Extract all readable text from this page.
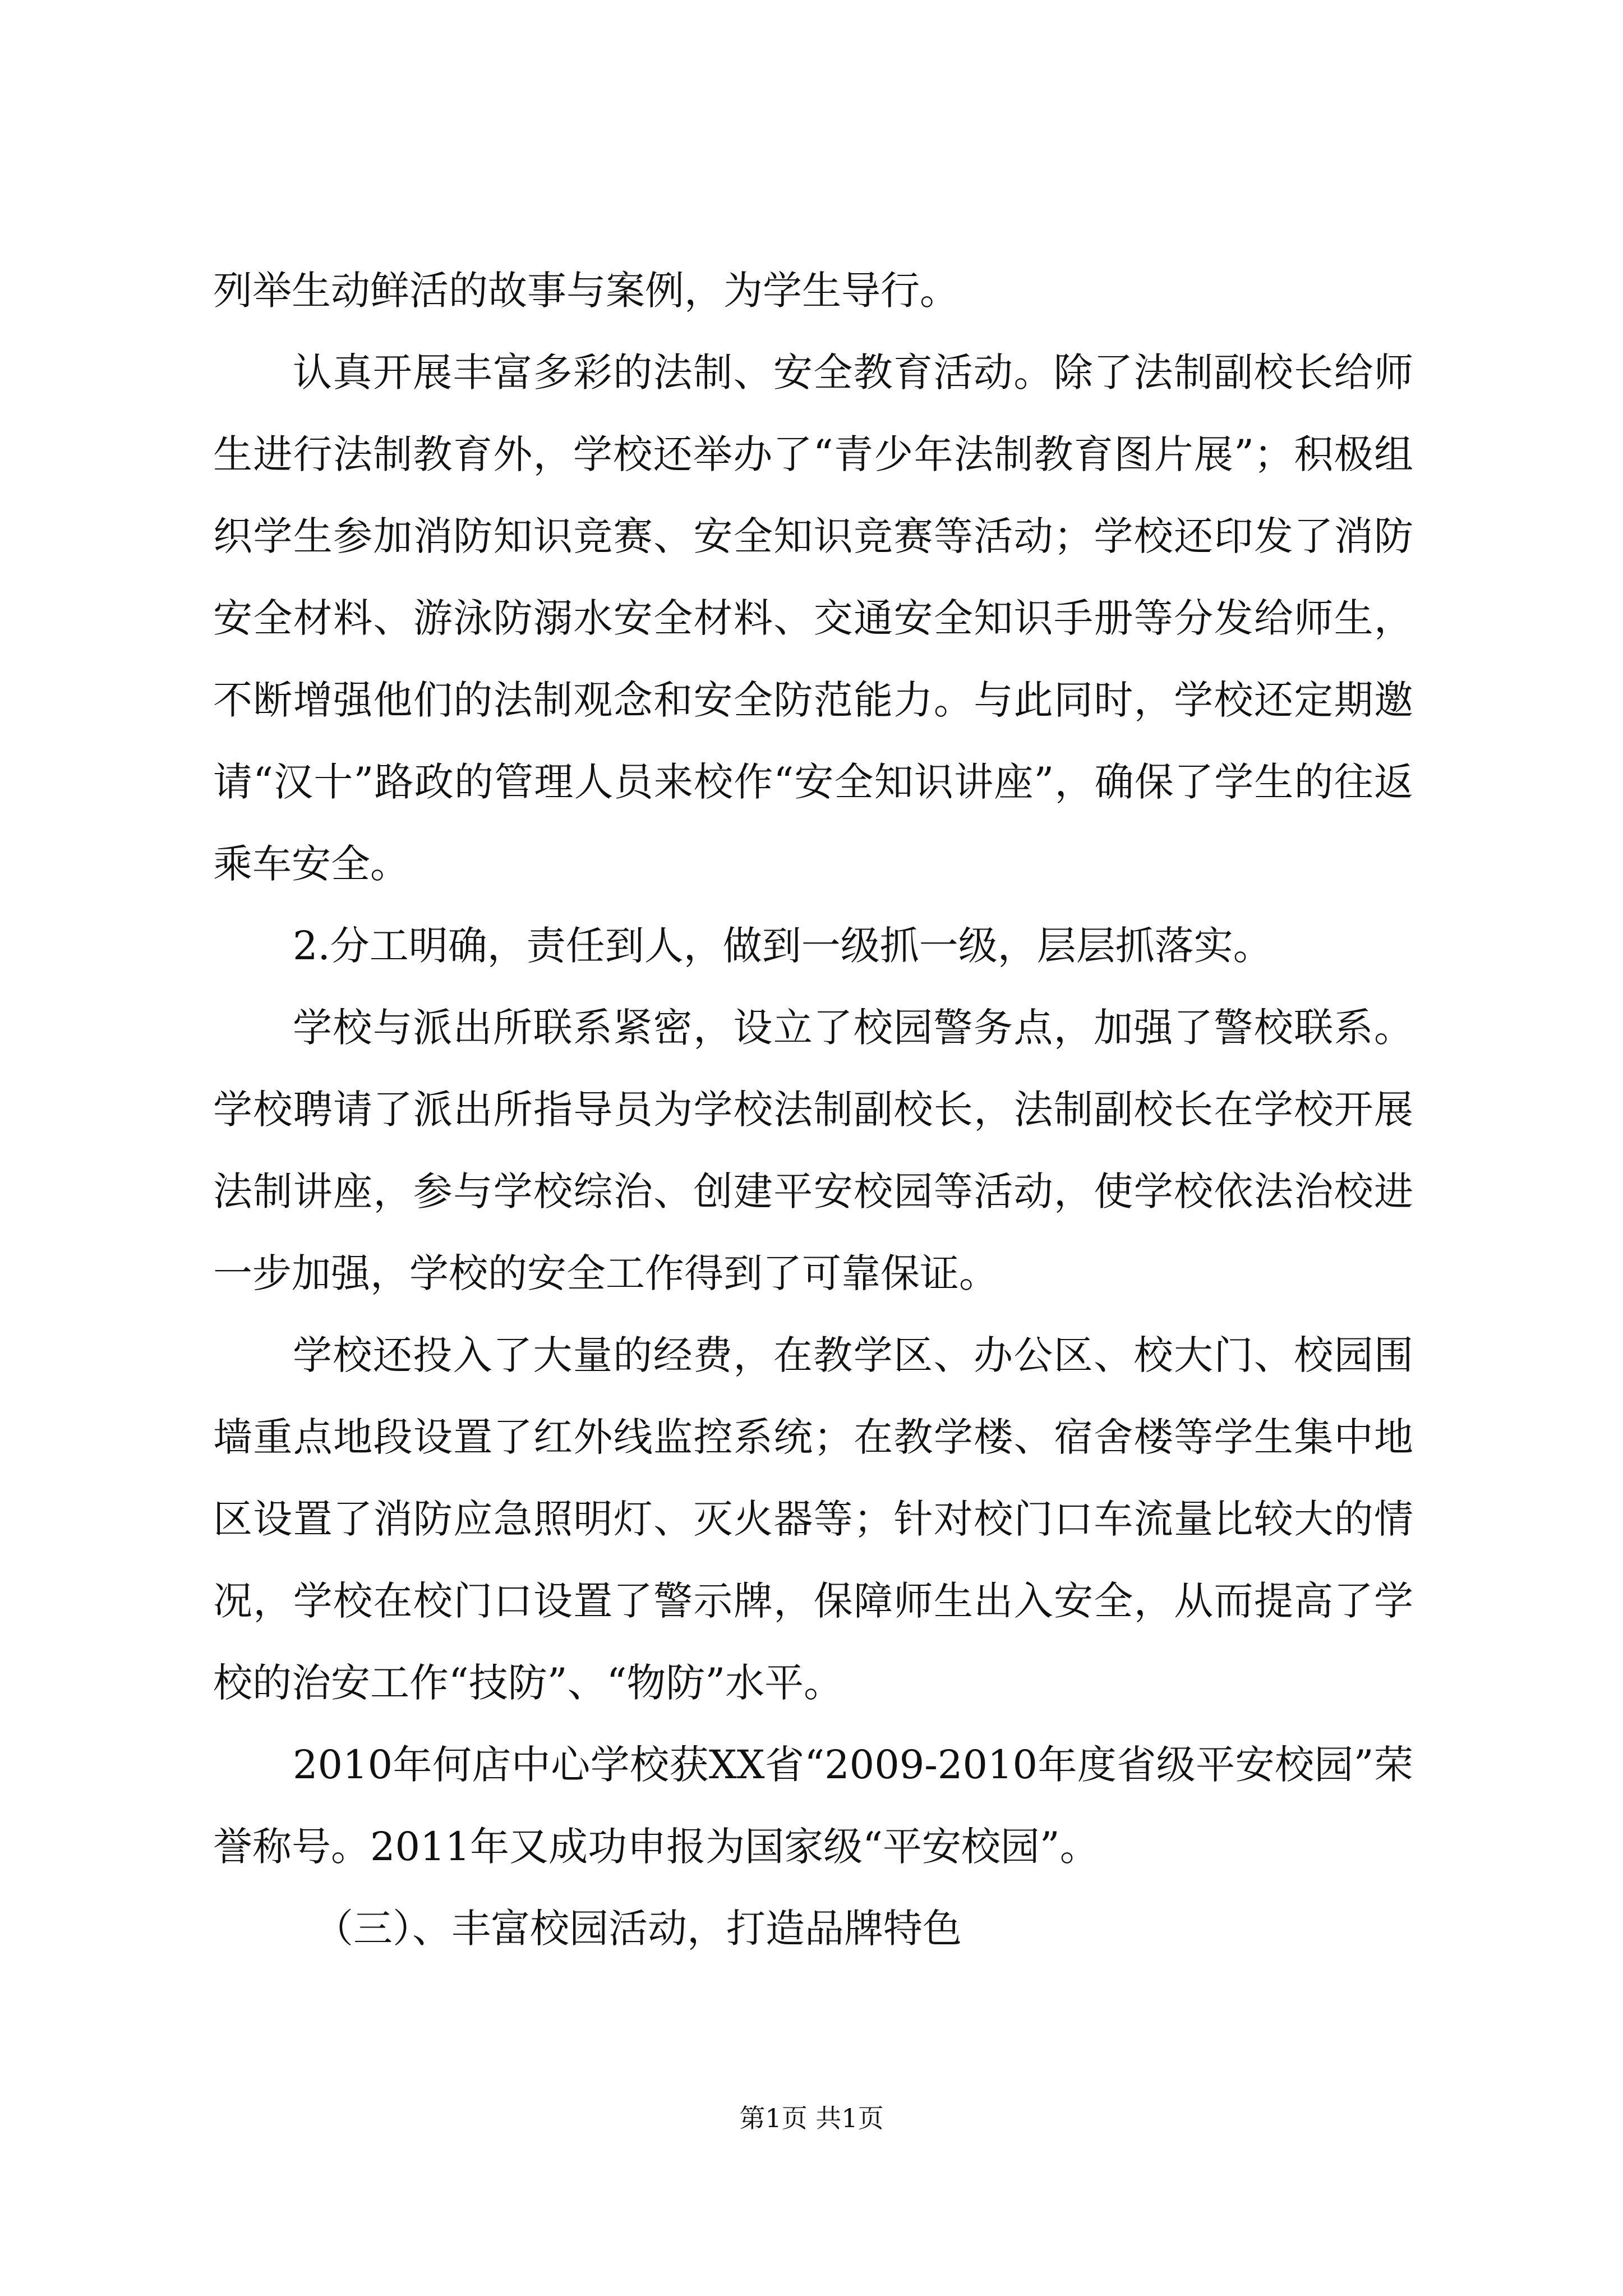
列举生动鲜活的故事与案例，为学生导行。

认真开展丰富多彩的法制、安全教育活动。除了法制副校长给师生进行法制教育外，学校还举办了“青少年法制教育图片展”；积极组织学生参加消防知识竞赛、安全知识竞赛等活动；学校还印发了消防安全材料、游泳防溺水安全材料、交通安全知识手册等分发给师生，不断增强他们的法制观念和安全防范能力。与此同时，学校还定期邀请“汉十”路政的管理人员来校作“安全知识讲座”，确保了学生的往返乘车安全。

2.分工明确，责任到人，做到一级抓一级，层层抓落实。

学校与派出所联系紧密，设立了校园警务点，加强了警校联系。学校聘请了派出所指导员为学校法制副校长，法制副校长在学校开展法制讲座，参与学校综治、创建平安校园等活动，使学校依法治校进一步加强，学校的安全工作得到了可靠保证。

学校还投入了大量的经费，在教学区、办公区、校大门、校园围墙重点地段设置了红外线监控系统；在教学楼、宿舍楼等学生集中地区设置了消防应急照明灯、灭火器等；针对校门口车流量比较大的情况，学校在校门口设置了警示牌，保障师生出入安全，从而提高了学校的治安工作“技防”、“物防”水平。

2010年何店中心学校获XX省“2009-2010年度省级平安校园”荣誉称号。2011年又成功申报为国家级“平安校园”。

（三）、丰富校园活动，打造品牌特色

第1页 共1页
